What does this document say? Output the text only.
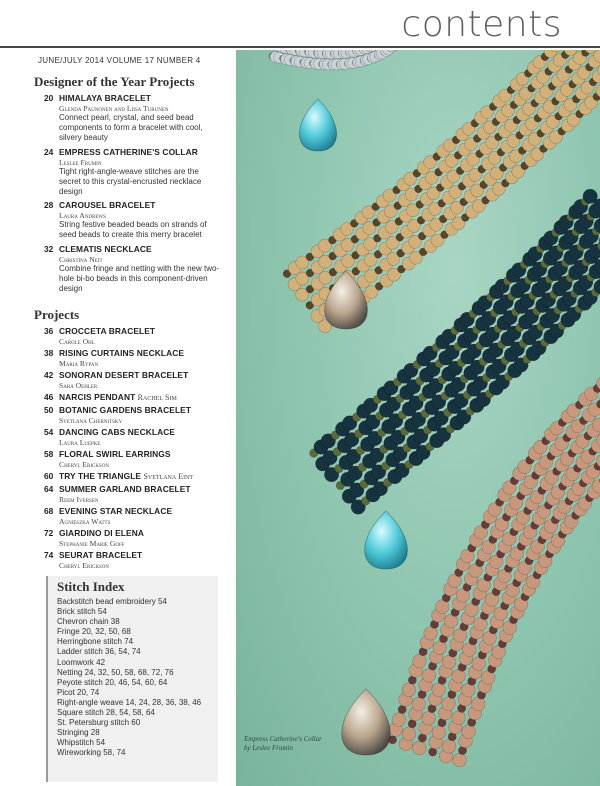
contents
JUNE/JULY 2014 VOLUME 17 NUMBER 4
Designer of the Year Projects
20 HIMALAYA BRACELET
Glenda Paunonen and Liisa Turunen
Connect pearl, crystal, and seed bead components to form a bracelet with cool, silvery beauty
24 EMPRESS CATHERINE'S COLLAR
Leslee Frumin
Tight right-angle-weave stitches are the secret to this crystal-encrusted necklace design
28 CAROUSEL BRACELET
Laura Andrews
String festive beaded beads on strands of seed beads to create this merry bracelet
32 CLEMATIS NECKLACE
Christina Neit
Combine fringe and netting with the new two-hole bi-bo beads in this component-driven design
Projects
36 CROCCETA BRACELET
Carole Ohl
38 RISING CURTAINS NECKLACE
Maria Rypan
42 SONORAN DESERT BRACELET
Sara Oehler
46 NARCIS PENDANT Rachel Sim
50 BOTANIC GARDENS BRACELET
Svetlana Chernitsky
54 DANCING CABS NECKLACE
Laura Luepke
58 FLORAL SWIRL EARRINGS
Cheryl Erickson
60 TRY THE TRIANGLE Svetlana Eint
64 SUMMER GARLAND BRACELET
Reem Iversen
68 EVENING STAR NECKLACE
Agnieszka Watts
72 GIARDINO DI ELENA
Stephanie Marie Goff
74 SEURAT BRACELET
Cheryl Erickson
Stitch Index
Backstitch bead embroidery 54
Brick stitch 54
Chevron chain 38
Fringe 20, 32, 50, 68
Herringbone stitch 74
Ladder stitch 36, 54, 74
Loomwork 42
Netting 24, 32, 50, 58, 68, 72, 76
Peyote stitch 20, 46, 54, 60, 64
Picot 20, 74
Right-angle weave 14, 24, 28, 36, 38, 46
Square stitch 28, 54, 58, 64
St. Petersburg stitch 60
Stringing 28
Whipstitch 54
Wireworking 58, 74
Empress Catherine's Collar
by Leslee Frumin
